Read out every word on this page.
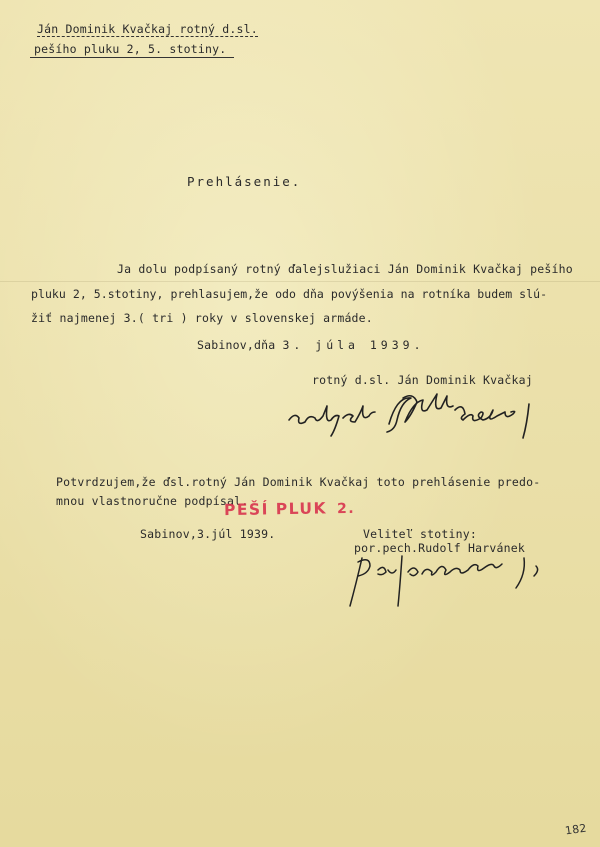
Ján Dominik Kvačkaj rotný d.sl.
pešího pluku 2, 5. stotiny.
Prehlásenie.
Ja dolu podpísaný rotný ďalejslužiaci Ján Dominik Kvačkaj pešího
pluku 2, 5.stotiny, prehlasujem,že odo dňa povýšenia na rotníka budem slú-
žiť najmenej 3.( tri ) roky v slovenskej armáde.
Sabinov,dňa 3. júla 1939.
rotný d.sl. Ján Dominik Kvačkaj
Potvrdzujem,že ďsl.rotný Ján Dominik Kvačkaj toto prehlásenie predo-
mnou vlastnoručne podpísal.
PEŠÍ PLUK 2.
Sabinov,3.júl 1939.	Veliteľ stotiny:
por.pech.Rudolf Harvánek
182
